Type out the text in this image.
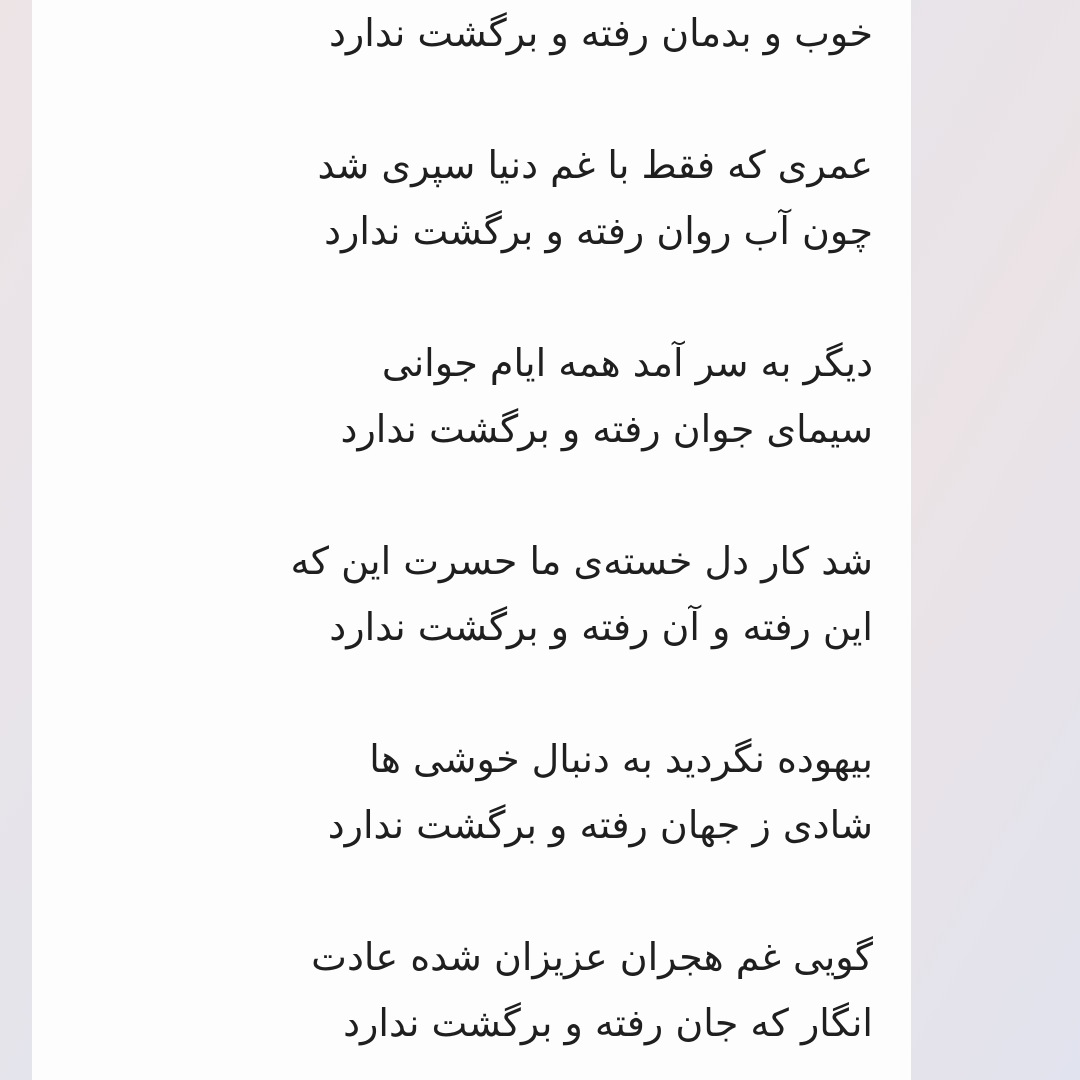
خوب و بدمان رفته و برگشت ندارد
عمری که فقط با غم دنیا سپری شد
چون آب روان رفته و برگشت ندارد
دیگر به سر آمد همه ایام جوانی
سیمای جوان رفته و برگشت ندارد
شد کار دل خسته‌ی ما حسرت این که
این رفته و آن رفته و برگشت ندارد
بیهوده نگردید به دنبال خوشی ها
شادی ز جهان رفته و برگشت ندارد
گویی غم هجران عزیزان شده عادت
انگار که جان رفته و برگشت ندارد
